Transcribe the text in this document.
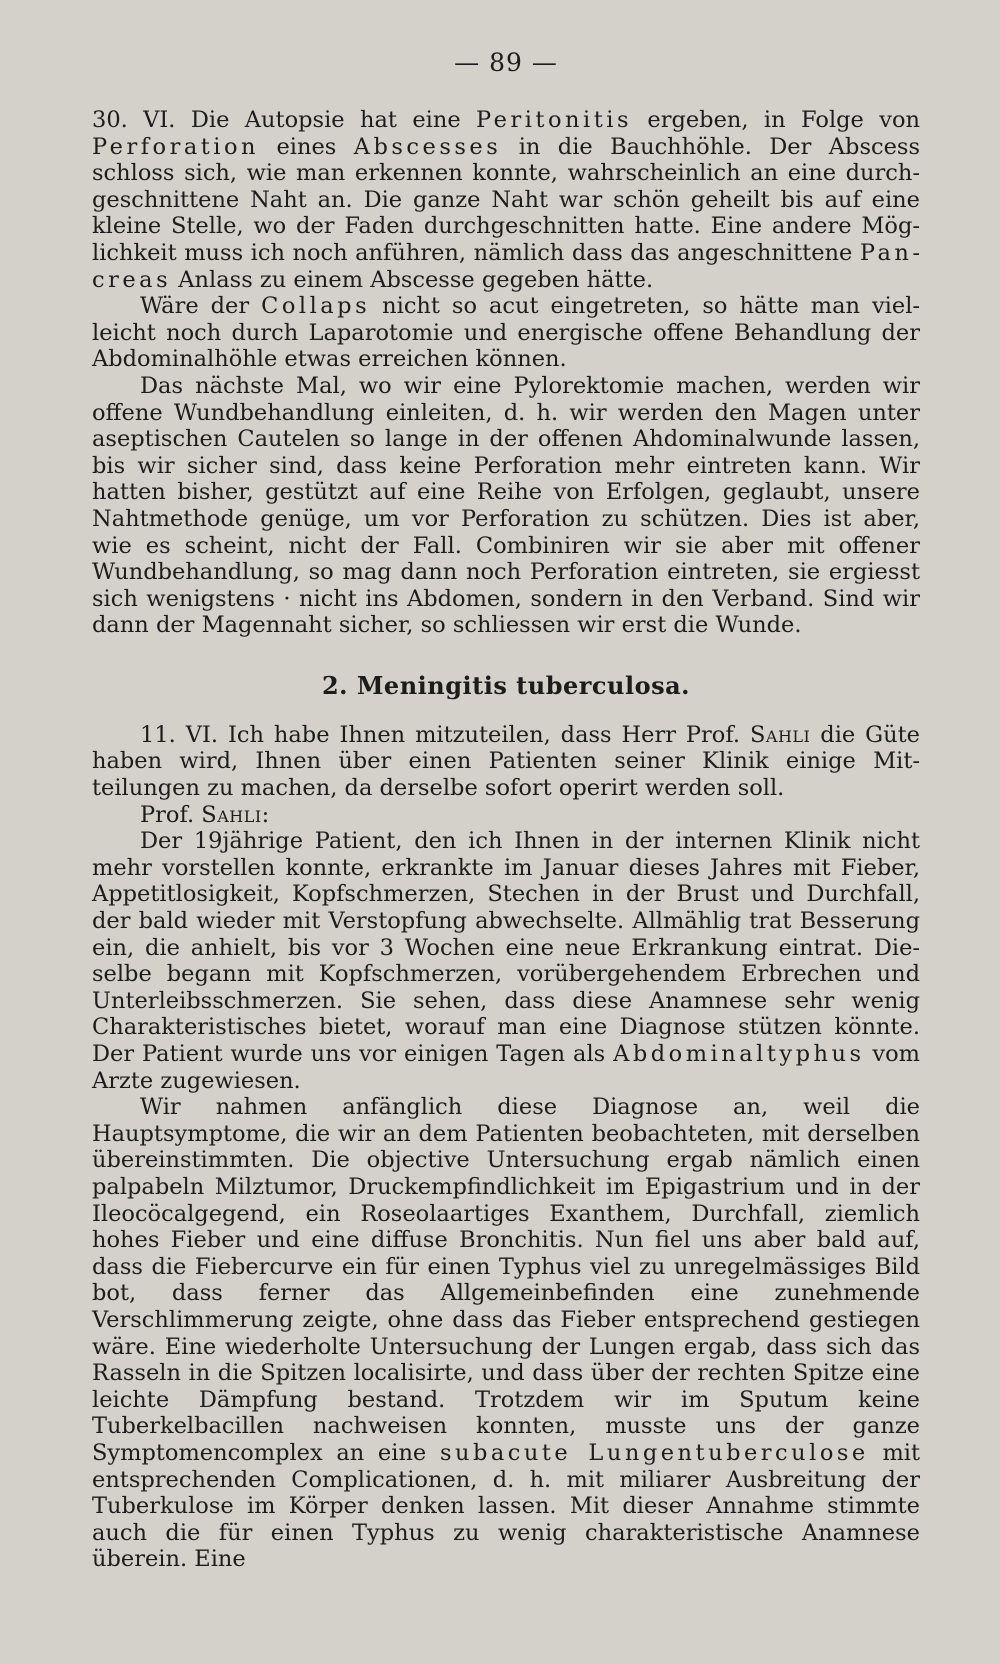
— 89 —

30. VI. Die Autopsie hat eine Peritonitis ergeben, in Folge von Perforation eines Abscesses in die Bauchhöhle. Der Abscess schloss sich, wie man erkennen konnte, wahrscheinlich an eine durchgeschnittene Naht an. Die ganze Naht war schön geheilt bis auf eine kleine Stelle, wo der Faden durchgeschnitten hatte. Eine andere Möglichkeit muss ich noch anführen, nämlich dass das angeschnittene Pancreas Anlass zu einem Abscesse gegeben hätte.

Wäre der Collaps nicht so acut eingetreten, so hätte man vielleicht noch durch Laparotomie und energische offene Behandlung der Abdominalhöhle etwas erreichen können.

Das nächste Mal, wo wir eine Pylorektomie machen, werden wir offene Wundbehandlung einleiten, d. h. wir werden den Magen unter aseptischen Cautelen so lange in der offenen Ahdominalwunde lassen, bis wir sicher sind, dass keine Perforation mehr eintreten kann. Wir hatten bisher, gestützt auf eine Reihe von Erfolgen, geglaubt, unsere Nahtmethode genüge, um vor Perforation zu schützen. Dies ist aber, wie es scheint, nicht der Fall. Combiniren wir sie aber mit offener Wundbehandlung, so mag dann noch Perforation eintreten, sie ergiesst sich wenigstens · nicht ins Abdomen, sondern in den Verband. Sind wir dann der Magennaht sicher, so schliessen wir erst die Wunde.

2. Meningitis tuberculosa.

11. VI. Ich habe Ihnen mitzuteilen, dass Herr Prof. Sahli die Güte haben wird, Ihnen über einen Patienten seiner Klinik einige Mitteilungen zu machen, da derselbe sofort operirt werden soll.

Prof. Sahli:

Der 19jährige Patient, den ich Ihnen in der internen Klinik nicht mehr vorstellen konnte, erkrankte im Januar dieses Jahres mit Fieber, Appetitlosigkeit, Kopfschmerzen, Stechen in der Brust und Durchfall, der bald wieder mit Verstopfung abwechselte. Allmählig trat Besserung ein, die anhielt, bis vor 3 Wochen eine neue Erkrankung eintrat. Dieselbe begann mit Kopfschmerzen, vorübergehendem Erbrechen und Unterleibsschmerzen. Sie sehen, dass diese Anamnese sehr wenig Charakteristisches bietet, worauf man eine Diagnose stützen könnte. Der Patient wurde uns vor einigen Tagen als Abdominaltyphus vom Arzte zugewiesen.

Wir nahmen anfänglich diese Diagnose an, weil die Hauptsymptome, die wir an dem Patienten beobachteten, mit derselben übereinstimmten. Die objective Untersuchung ergab nämlich einen palpabeln Milztumor, Druckempfindlichkeit im Epigastrium und in der Ileocöcalgegend, ein Roseolaartiges Exanthem, Durchfall, ziemlich hohes Fieber und eine diffuse Bronchitis. Nun fiel uns aber bald auf, dass die Fiebercurve ein für einen Typhus viel zu unregelmässiges Bild bot, dass ferner das Allgemeinbefinden eine zunehmende Verschlimmerung zeigte, ohne dass das Fieber entsprechend gestiegen wäre. Eine wiederholte Untersuchung der Lungen ergab, dass sich das Rasseln in die Spitzen localisirte, und dass über der rechten Spitze eine leichte Dämpfung bestand. Trotzdem wir im Sputum keine Tuberkelbacillen nachweisen konnten, musste uns der ganze Symptomencomplex an eine subacute Lungentuberculose mit entsprechenden Complicationen, d. h. mit miliarer Ausbreitung der Tuberkulose im Körper denken lassen. Mit dieser Annahme stimmte auch die für einen Typhus zu wenig charakteristische Anamnese überein. Eine
